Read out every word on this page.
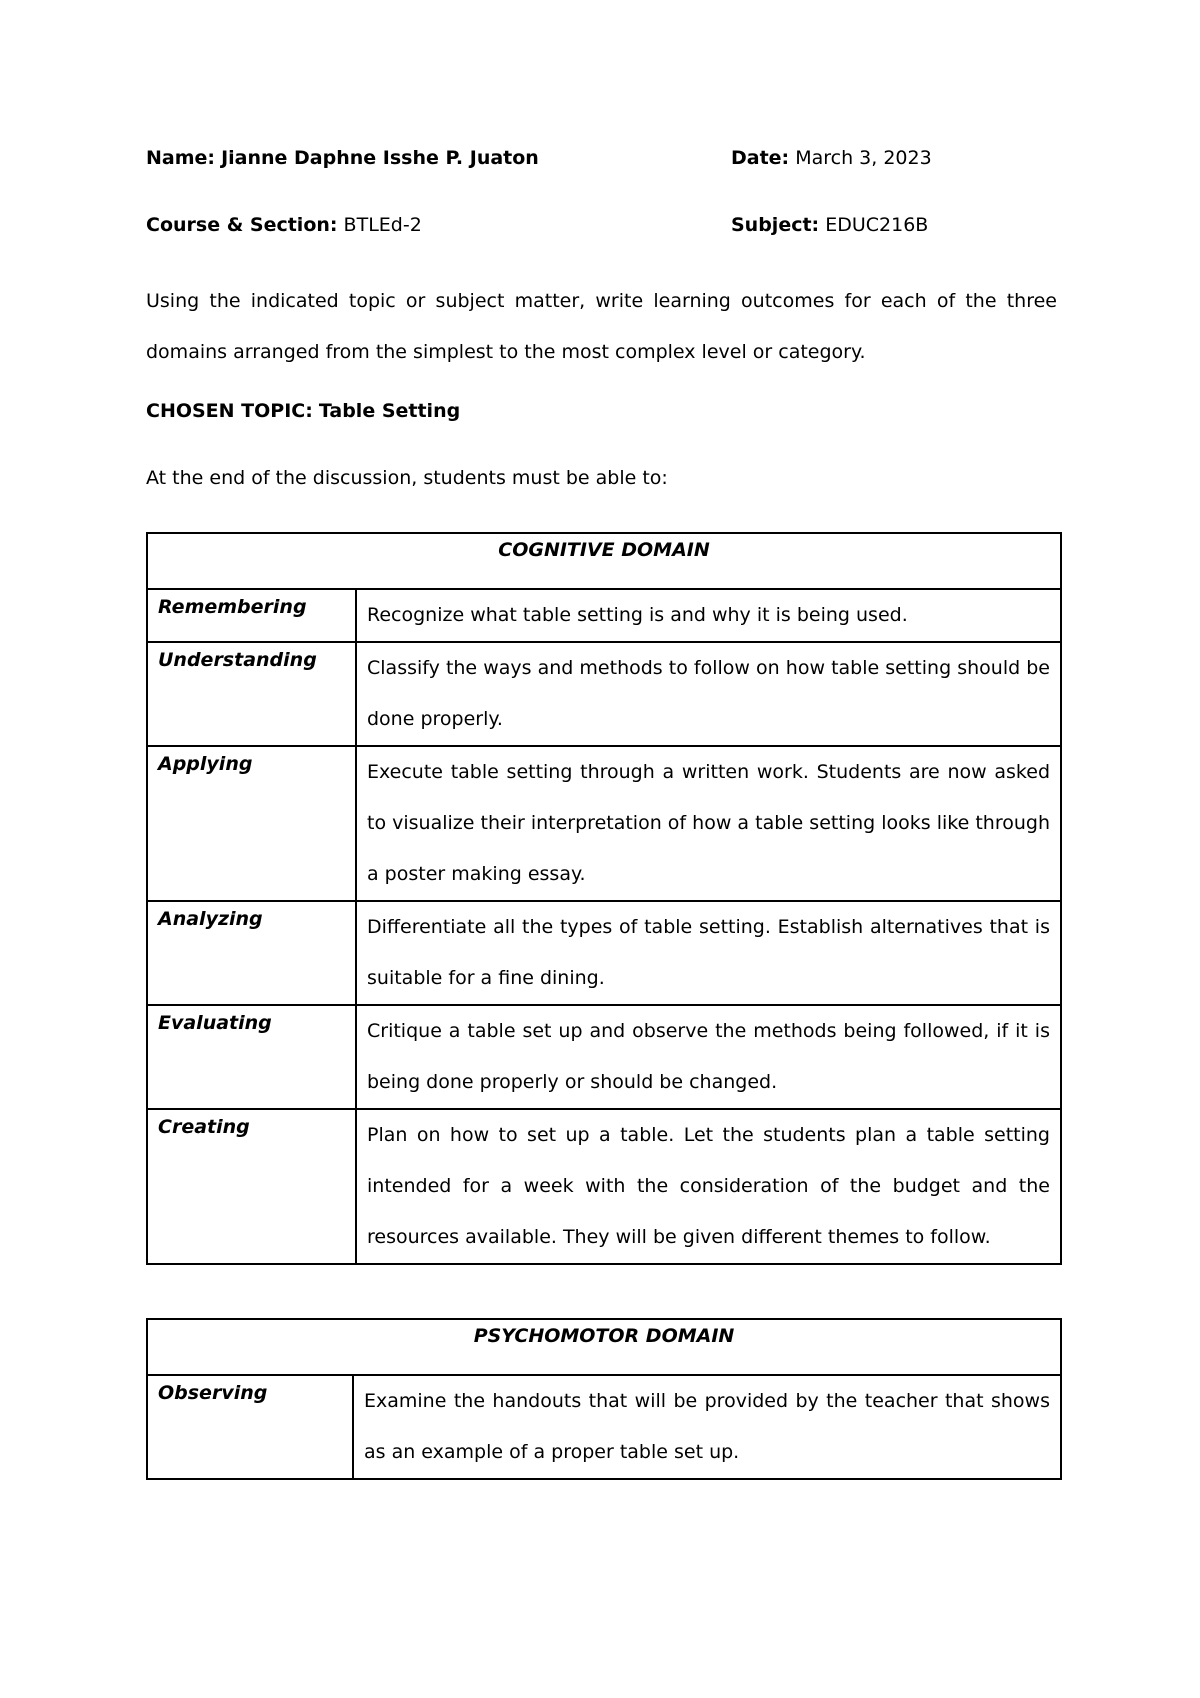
Name: Jianne Daphne Isshe P. Juaton	Date: March 3, 2023
Course & Section: BTLEd-2	Subject: EDUC216B
Using the indicated topic or subject matter, write learning outcomes for each of the three domains arranged from the simplest to the most complex level or category.
CHOSEN TOPIC: Table Setting
At the end of the discussion, students must be able to:
COGNITIVE DOMAIN	
Remembering	Recognize what table setting is and why it is being used.
Understanding	Classify the ways and methods to follow on how table setting should be done properly.
Applying	Execute table setting through a written work. Students are now asked to visualize their interpretation of how a table setting looks like through a poster making essay.
Analyzing	Differentiate all the types of table setting. Establish alternatives that is suitable for a fine dining.
Evaluating	Critique a table set up and observe the methods being followed, if it is being done properly or should be changed.
Creating	Plan on how to set up a table. Let the students plan a table setting intended for a week with the consideration of the budget and the resources available. They will be given different themes to follow.
PSYCHOMOTOR DOMAIN
Observing	Examine the handouts that will be provided by the teacher that shows as an example of a proper table set up.
